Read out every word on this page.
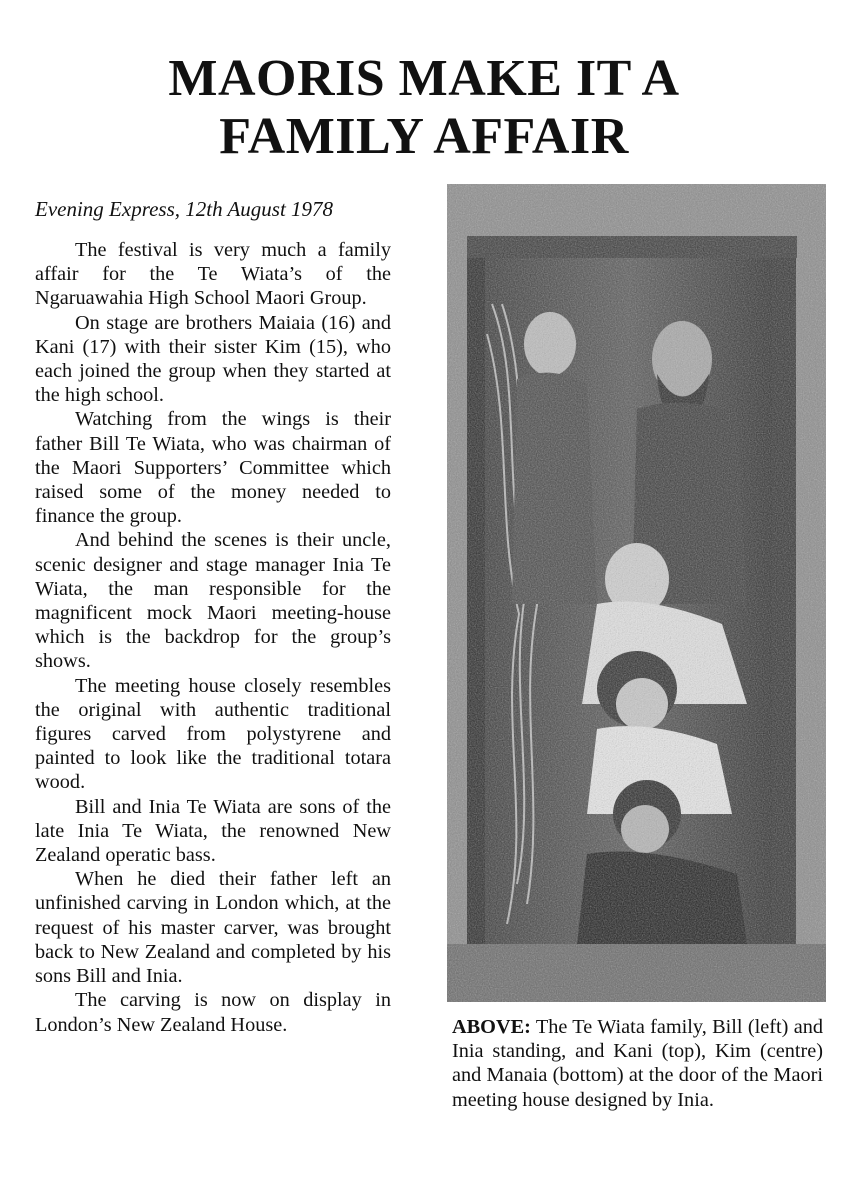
MAORIS MAKE IT A
FAMILY AFFAIR

Evening Express, 12th August 1978

The festival is very much a family affair for the Te Wiata’s of the Ngaruawahia High School Maori Group.

On stage are brothers Maiaia (16) and Kani (17) with their sister Kim (15), who each joined the group when they started at the high school.

Watching from the wings is their father Bill Te Wiata, who was chairman of the Maori Supporters’ Committee which raised some of the money needed to finance the group.

And behind the scenes is their uncle, scenic designer and stage manager Inia Te Wiata, the man responsible for the magnificent mock Maori meeting-house which is the backdrop for the group’s shows.

The meeting house closely resembles the original with authentic traditional figures carved from polystyrene and painted to look like the traditional totara wood.

Bill and Inia Te Wiata are sons of the late Inia Te Wiata, the renowned New Zealand operatic bass.

When he died their father left an unfinished carving in London which, at the request of his master carver, was brought back to New Zealand and completed by his sons Bill and Inia.

The carving is now on display in London’s New Zealand House.	ABOVE: The Te Wiata family, Bill (left) and Inia standing, and Kani (top), Kim (centre) and Manaia (bottom) at the door of the Maori meeting house designed by Inia.
